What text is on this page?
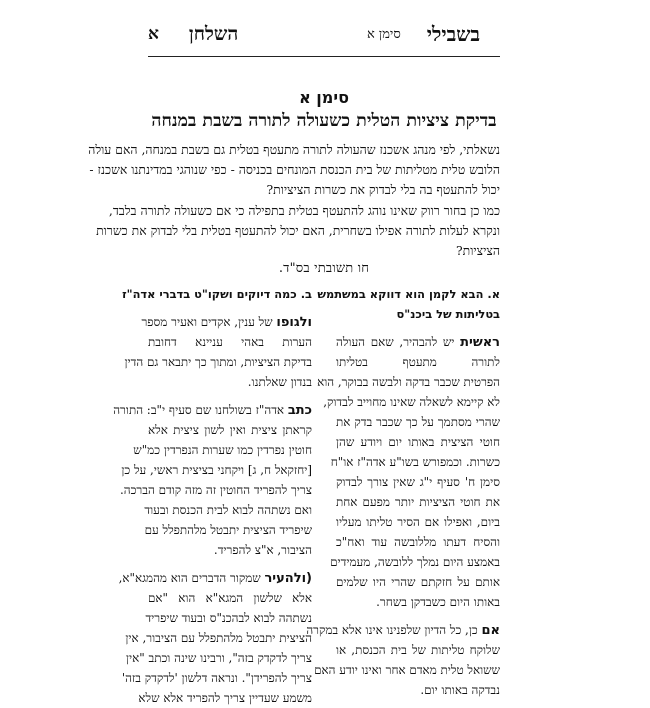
בשבילי
סימן א
השלחן
א
סימן א
בדיקת ציציות הטלית כשעולה לתורה בשבת במנחה
נשאלתי, לפי מנהג אשכנז שהעולה לתורה מתעטף בטלית גם בשבת במנחה, האם עולה
הלובש טלית מטליתות של בית הכנסת המונחים בכניסה - כפי שנוהגי במדינתנו אשכנז -
יכול להתעטף בה בלי לבדוק את כשרות הציציות?
כמו כן בחור רווק שאינו נוהג להתעטף בטלית בתפילה כי אם כשעולה לתורה בלבד,
ונקרא לעלות לתורה אפילו בשחרית, האם יכול להתעטף בטלית בלי לבדוק את כשרות
הציציות?
חו תשובתי בס"ד.
א. הבא לקמן הוא דווקא במשתמש
בטליתות של ביכנ"ס
ראשית יש להבהיר, שאם העולה
לתורה מתעטף בטליתו
הפרטית שכבר בדקה ולבשה בבוקר, הוא
לא קיימא לשאלה שאינו מחוייב לבדוק,
שהרי מסתמך על כך שכבר בדק את
חוטי הציצית באותו יום ויודע שהן
כשרות. וכמפורש בשו"ע אדה"ז או"ח
סימן ח' סעיף י"ג שאין צורך לבדוק
את חוטי הציציות יותר מפעם אחת
ביום, ואפילו אם הסיר טליתו מעליו
והסיח דעתו מללובשה עוד ואח"כ
באמצע היום נמלך ללובשה, מעמידים
אותם על חזקתם שהרי היו שלמים
באותו היום כשבדקן בשחר.
אם כן, כל הדיון שלפנינו אינו אלא במקרה
שלוקח טליתות של בית הכנסת, או
ששואל טלית מאדם אחר ואינו יודע האם
נבדקה באותו יום.
ב. כמה דיוקים ושקו"ט בדברי אדה"ז
ולגופו של ענין, אקדים ואעיר מספר
הערות באהי עניינא דחובת
בדיקת הציציות, ומתוך כך יתבאר גם הדין
בנדון שאלתנו.
כתב אדה"ז בשולחנו שם סעיף י"ב: התורה
קראתן ציצית ואין לשון ציצית אלא
חוטין נפרדין כמו שערות הנפרדין כמ"ש
[יחזקאל ח, ג] ויקחני בציצית ראשי, על כן
צריך להפריד החוטין זה מזה קודם הברכה.
ואם נשתהה לבוא לבית הכנסת ובעוד
שיפריד הציצית יתבטל מלהתפלל עם
הציבור, א"צ להפריד.
(ולהעיר שמקור הדברים הוא מהמגא"א,
אלא שלשון המגא"א הוא "אם
נשתהה לבוא לבהכנ"ס ובעוד שיפריד
הציצית יתבטל מלהתפלל עם הציבור, אין
צריך לדקדק בזה", ורבינו שינה וכתב "אין
צריך להפרידן". ונראה דלשון 'לדקדק בזה'
משמע שעדיין צריך להפריד אלא שלא
